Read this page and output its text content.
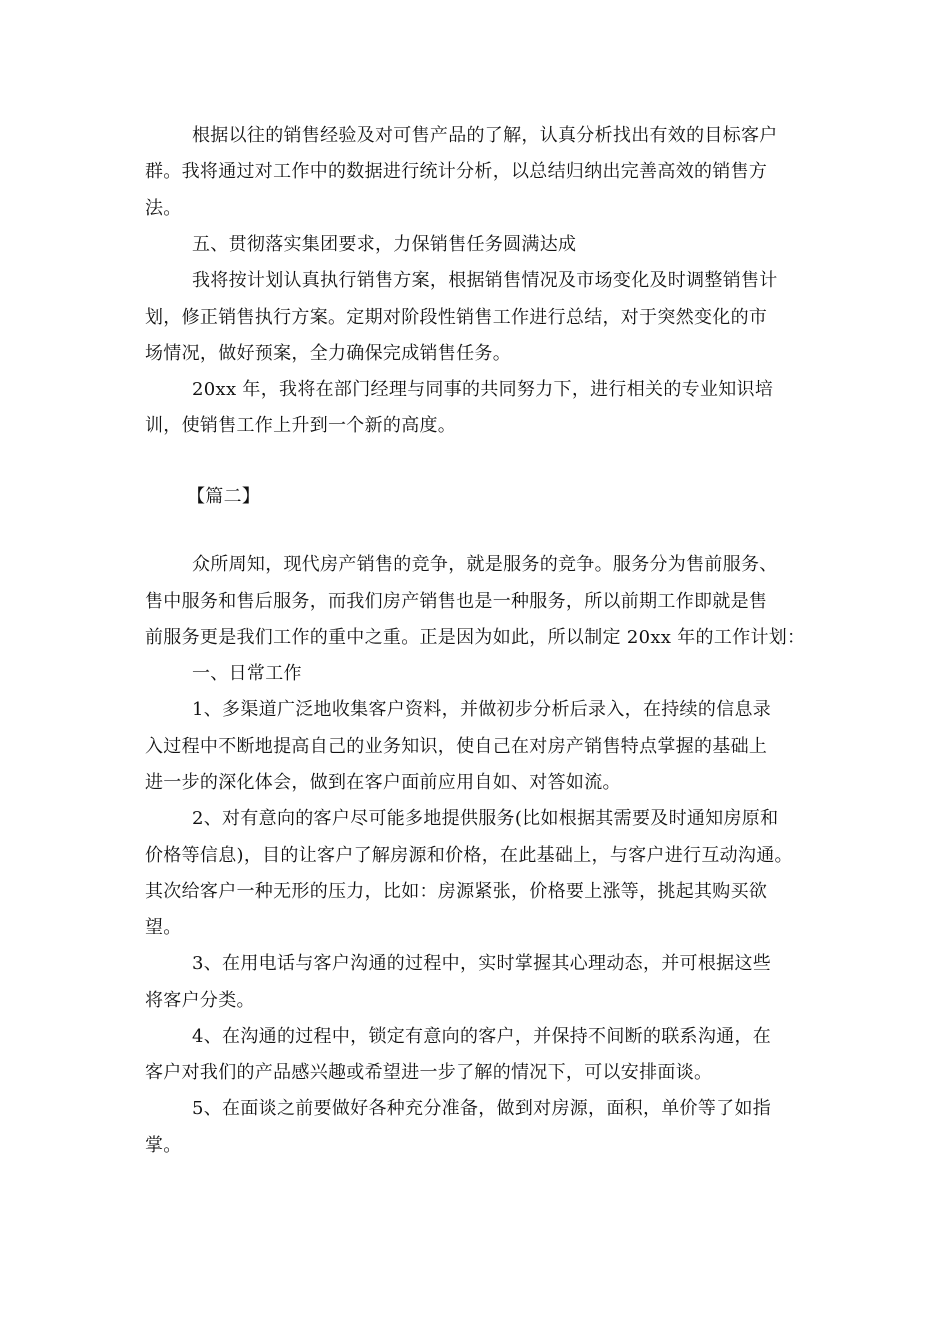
根据以往的销售经验及对可售产品的了解，认真分析找出有效的目标客户
群。我将通过对工作中的数据进行统计分析，以总结归纳出完善高效的销售方
法。
五、贯彻落实集团要求，力保销售任务圆满达成
我将按计划认真执行销售方案，根据销售情况及市场变化及时调整销售计
划，修正销售执行方案。定期对阶段性销售工作进行总结，对于突然变化的市
场情况，做好预案，全力确保完成销售任务。
20xx 年，我将在部门经理与同事的共同努力下，进行相关的专业知识培
训，使销售工作上升到一个新的高度。
【篇二】
众所周知，现代房产销售的竞争，就是服务的竞争。服务分为售前服务、
售中服务和售后服务，而我们房产销售也是一种服务，所以前期工作即就是售
前服务更是我们工作的重中之重。正是因为如此，所以制定 20xx 年的工作计划：
一、日常工作
1、多渠道广泛地收集客户资料，并做初步分析后录入，在持续的信息录
入过程中不断地提高自己的业务知识，使自己在对房产销售特点掌握的基础上
进一步的深化体会，做到在客户面前应用自如、对答如流。
2、对有意向的客户尽可能多地提供服务(比如根据其需要及时通知房原和
价格等信息)，目的让客户了解房源和价格，在此基础上，与客户进行互动沟通。
其次给客户一种无形的压力，比如：房源紧张，价格要上涨等，挑起其购买欲
望。
3、在用电话与客户沟通的过程中，实时掌握其心理动态，并可根据这些
将客户分类。
4、在沟通的过程中，锁定有意向的客户，并保持不间断的联系沟通，在
客户对我们的产品感兴趣或希望进一步了解的情况下，可以安排面谈。
5、在面谈之前要做好各种充分准备，做到对房源，面积，单价等了如指
掌。
